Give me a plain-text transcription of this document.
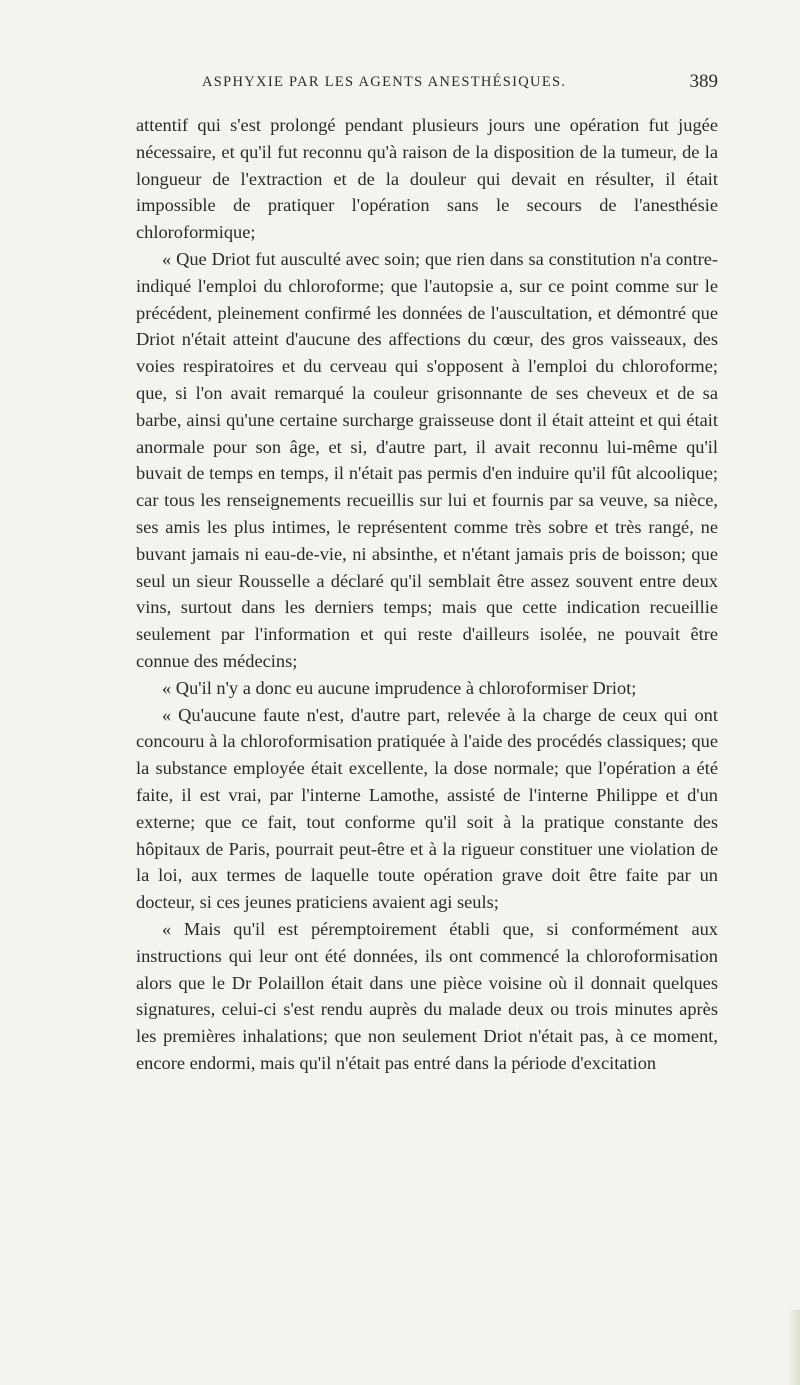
ASPHYXIE PAR LES AGENTS ANESTHÉSIQUES.	389

attentif qui s'est prolongé pendant plusieurs jours une opération fut jugée nécessaire, et qu'il fut reconnu qu'à raison de la disposition de la tumeur, de la longueur de l'extraction et de la douleur qui devait en résulter, il était impossible de pratiquer l'opération sans le secours de l'anesthésie chloroformique;

« Que Driot fut ausculté avec soin; que rien dans sa constitution n'a contre-indiqué l'emploi du chloroforme; que l'autopsie a, sur ce point comme sur le précédent, pleinement confirmé les données de l'auscultation, et démontré que Driot n'était atteint d'aucune des affections du cœur, des gros vaisseaux, des voies respiratoires et du cerveau qui s'opposent à l'emploi du chloroforme; que, si l'on avait remarqué la couleur grisonnante de ses cheveux et de sa barbe, ainsi qu'une certaine surcharge graisseuse dont il était atteint et qui était anormale pour son âge, et si, d'autre part, il avait reconnu lui-même qu'il buvait de temps en temps, il n'était pas permis d'en induire qu'il fût alcoolique; car tous les renseignements recueillis sur lui et fournis par sa veuve, sa nièce, ses amis les plus intimes, le représentent comme très sobre et très rangé, ne buvant jamais ni eau-de-vie, ni absinthe, et n'étant jamais pris de boisson; que seul un sieur Rousselle a déclaré qu'il semblait être assez souvent entre deux vins, surtout dans les derniers temps; mais que cette indication recueillie seulement par l'information et qui reste d'ailleurs isolée, ne pouvait être connue des médecins;

« Qu'il n'y a donc eu aucune imprudence à chloroformiser Driot;

« Qu'aucune faute n'est, d'autre part, relevée à la charge de ceux qui ont concouru à la chloroformisation pratiquée à l'aide des procédés classiques; que la substance employée était excellente, la dose normale; que l'opération a été faite, il est vrai, par l'interne Lamothe, assisté de l'interne Philippe et d'un externe; que ce fait, tout conforme qu'il soit à la pratique constante des hôpitaux de Paris, pourrait peut-être et à la rigueur constituer une violation de la loi, aux termes de laquelle toute opération grave doit être faite par un docteur, si ces jeunes praticiens avaient agi seuls;

« Mais qu'il est péremptoirement établi que, si conformément aux instructions qui leur ont été données, ils ont commencé la chloroformisation alors que le Dr Polaillon était dans une pièce voisine où il donnait quelques signatures, celui-ci s'est rendu auprès du malade deux ou trois minutes après les premières inhalations; que non seulement Driot n'était pas, à ce moment, encore endormi, mais qu'il n'était pas entré dans la période d'excitation
